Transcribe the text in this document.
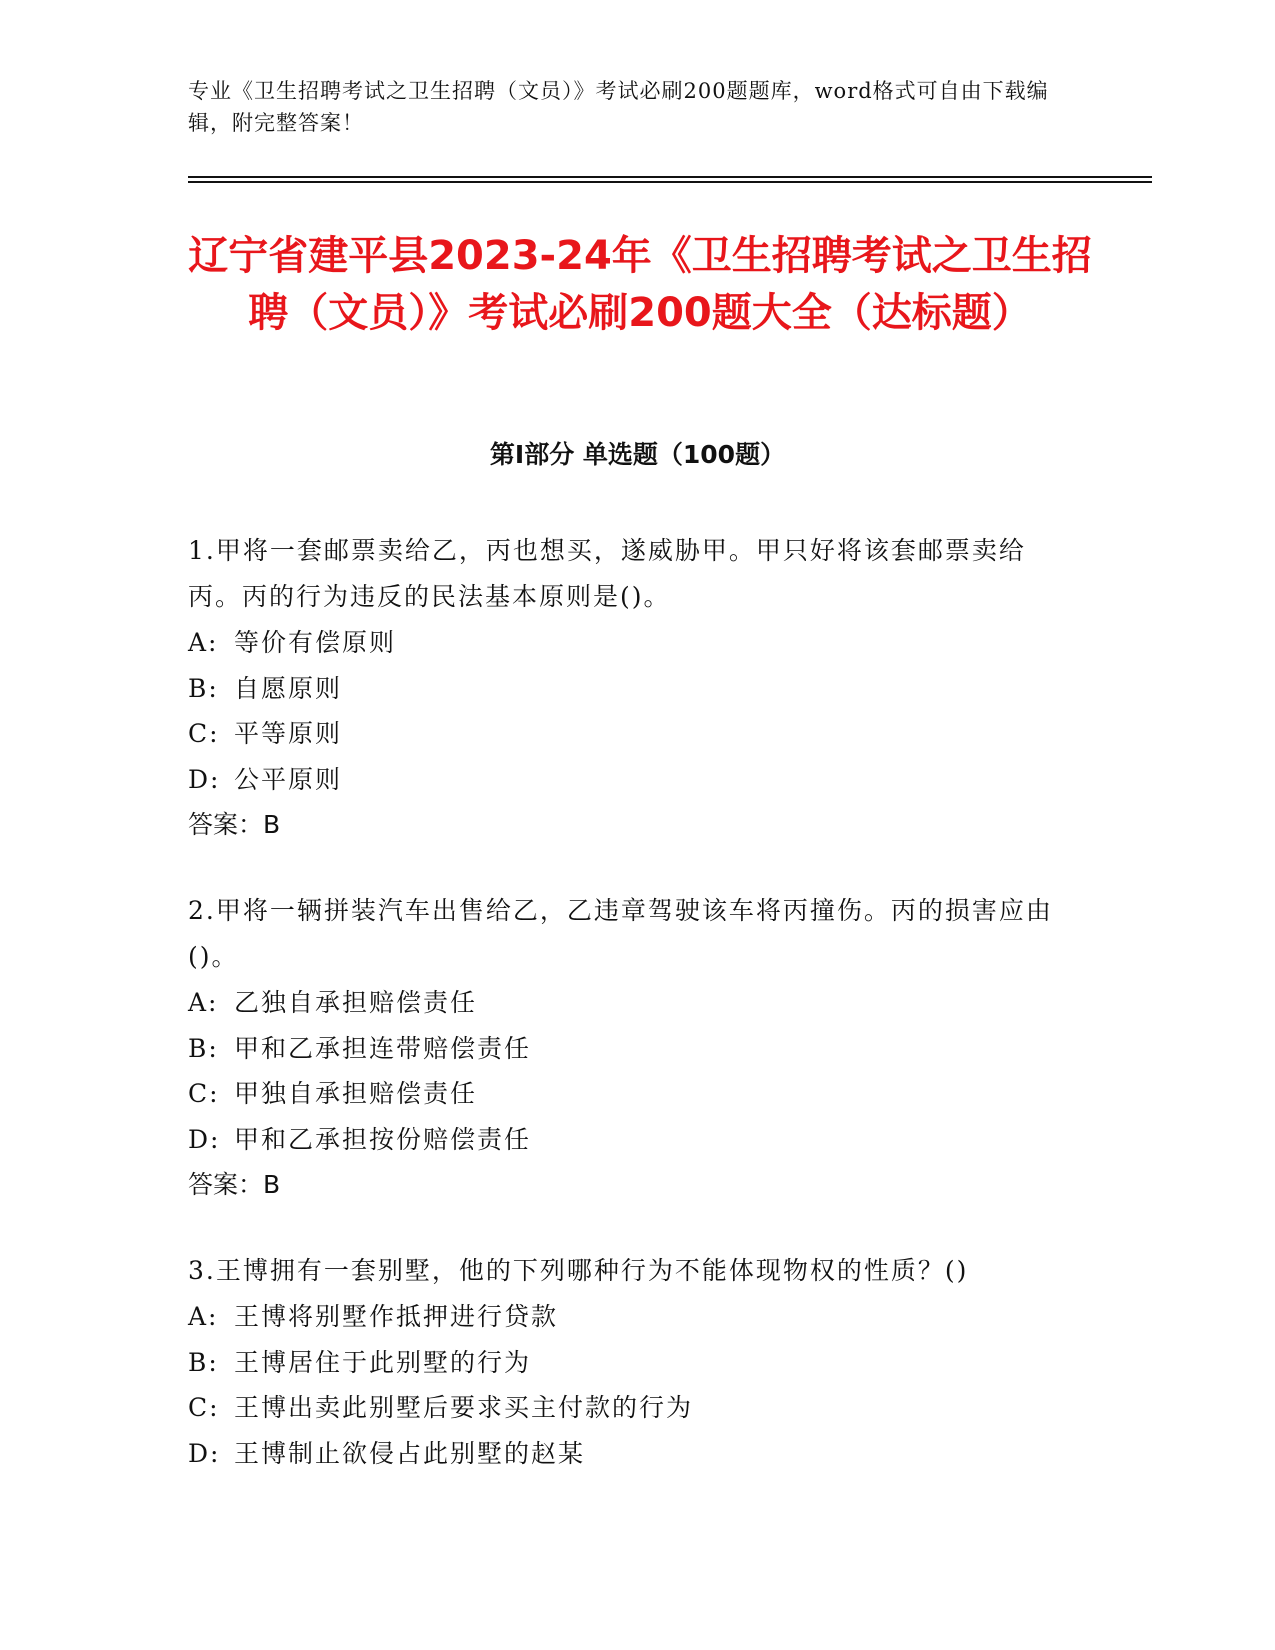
专业《卫生招聘考试之卫生招聘（文员）》考试必刷200题题库，word格式可自由下载编辑，附完整答案！
辽宁省建平县2023-24年《卫生招聘考试之卫生招聘（文员）》考试必刷200题大全（达标题）
第Ⅰ部分 单选题（100题）
1.甲将一套邮票卖给乙，丙也想买，遂威胁甲。甲只好将该套邮票卖给丙。丙的行为违反的民法基本原则是()。
A: 等价有偿原则
B: 自愿原则
C: 平等原则
D: 公平原则
答案：B
2.甲将一辆拼装汽车出售给乙，乙违章驾驶该车将丙撞伤。丙的损害应由()。
A: 乙独自承担赔偿责任
B: 甲和乙承担连带赔偿责任
C: 甲独自承担赔偿责任
D: 甲和乙承担按份赔偿责任
答案：B
3.王博拥有一套别墅，他的下列哪种行为不能体现物权的性质？()
A: 王博将别墅作抵押进行贷款
B: 王博居住于此别墅的行为
C: 王博出卖此别墅后要求买主付款的行为
D: 王博制止欲侵占此别墅的赵某
